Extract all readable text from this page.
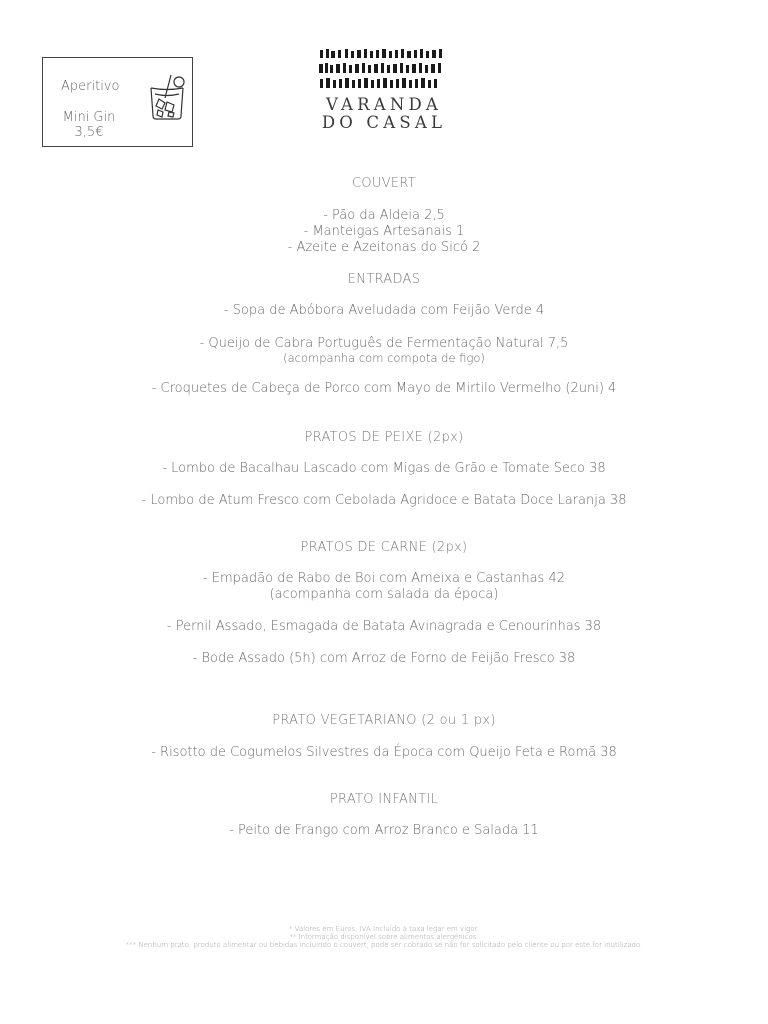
Aperitivo
Mini Gin
3,5€
VARANDA
DO CASAL
COUVERT
- Pão da Aldeia 2,5
- Manteigas Artesanais 1
- Azeite e Azeitonas do Sicó 2
ENTRADAS
- Sopa de Abóbora Aveludada com Feijão Verde 4
- Queijo de Cabra Português de Fermentação Natural 7,5
(acompanha com compota de figo)
- Croquetes de Cabeça de Porco com Mayo de Mirtilo Vermelho (2uni) 4
PRATOS DE PEIXE (2px)
- Lombo de Bacalhau Lascado com Migas de Grão e Tomate Seco 38
- Lombo de Atum Fresco com Cebolada Agridoce e Batata Doce Laranja 38
PRATOS DE CARNE (2px)
- Empadão de Rabo de Boi com Ameixa e Castanhas 42
(acompanha com salada da época)
- Pernil Assado, Esmagada de Batata Avinagrada e Cenourinhas 38
- Bode Assado (5h) com Arroz de Forno de Feijão Fresco 38
PRATO VEGETARIANO (2 ou 1 px)
- Risotto de Cogumelos Silvestres da Época com Queijo Feta e Romã 38
PRATO INFANTIL
- Peito de Frango com Arroz Branco e Salada 11
* Valores em Euros, IVA Incluído à taxa legar em vigor.
** Informação disponível sobre alimentos alergénicos.
*** Nenhum prato, produto alimentar ou bebidas incluindo o couvert, pode ser cobrado se não for solicitado pelo cliente ou por este for inutilizado.
